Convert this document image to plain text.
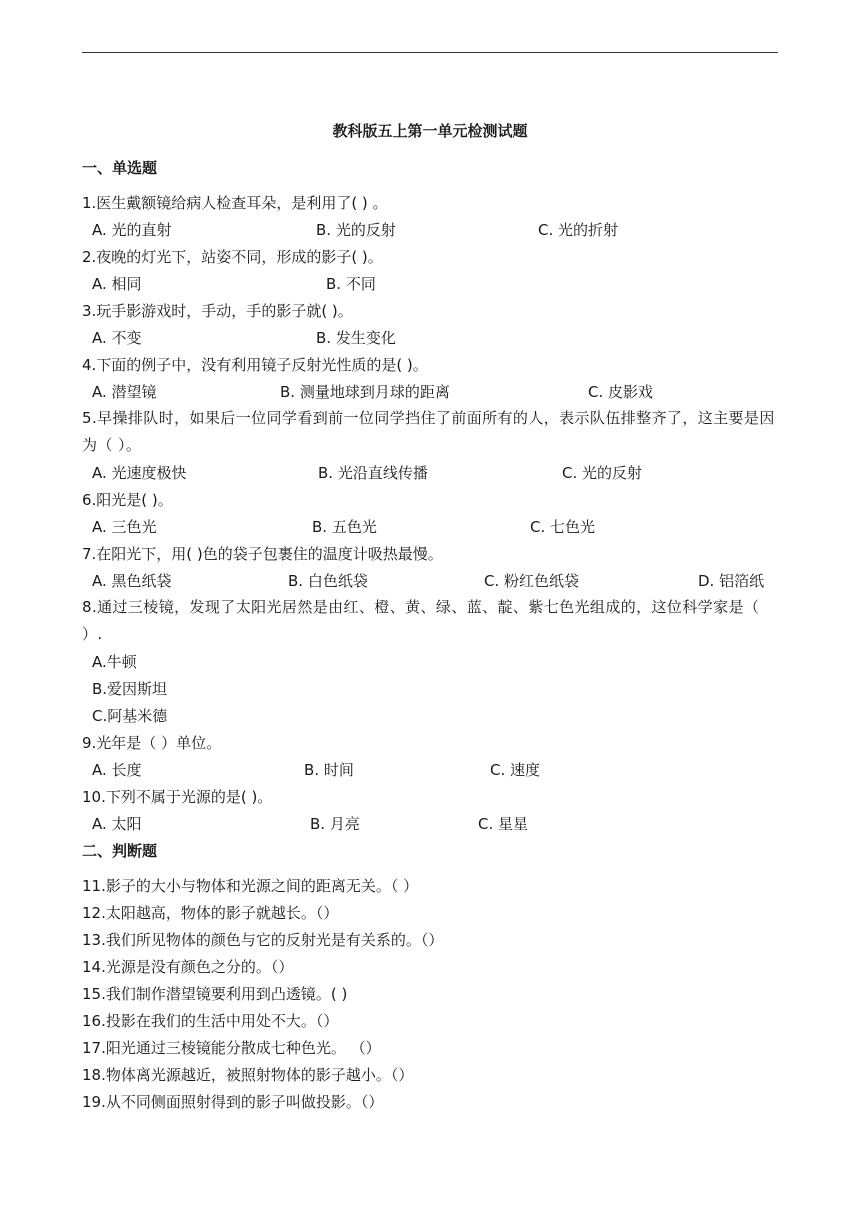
教科版五上第一单元检测试题
一、单选题
1.医生戴额镜给病人检查耳朵，是利用了( ) 。
A. 光的直射	B. 光的反射	C. 光的折射
2.夜晚的灯光下，站姿不同，形成的影子( )。
A. 相同	B. 不同
3.玩手影游戏时，手动，手的影子就( )。
A. 不变	B. 发生变化
4.下面的例子中，没有利用镜子反射光性质的是( )。
A. 潜望镜	B. 测量地球到月球的距离	C. 皮影戏
5.早操排队时，如果后一位同学看到前一位同学挡住了前面所有的人，表示队伍排整齐了，这主要是因为（ ）。
A. 光速度极快	B. 光沿直线传播	C. 光的反射
6.阳光是( )。
A. 三色光	B. 五色光	C. 七色光
7.在阳光下，用( )色的袋子包裹住的温度计吸热最慢。
A. 黑色纸袋	B. 白色纸袋	C. 粉红色纸袋	D. 铝箔纸
8.通过三棱镜，发现了太阳光居然是由红、橙、黄、绿、蓝、靛、紫七色光组成的，这位科学家是（ ）.
A.牛顿
B.爱因斯坦
C.阿基米德
9.光年是（ ）单位。
A. 长度	B. 时间	C. 速度
10.下列不属于光源的是( )。
A. 太阳	B. 月亮	C. 星星
二、判断题
11.影子的大小与物体和光源之间的距离无关。（ ）
12.太阳越高，物体的影子就越长。（）
13.我们所见物体的颜色与它的反射光是有关系的。（）
14.光源是没有颜色之分的。（）
15.我们制作潜望镜要利用到凸透镜。( )
16.投影在我们的生活中用处不大。（）
17.阳光通过三棱镜能分散成七种色光。 （）
18.物体离光源越近，被照射物体的影子越小。（）
19.从不同侧面照射得到的影子叫做投影。（）
